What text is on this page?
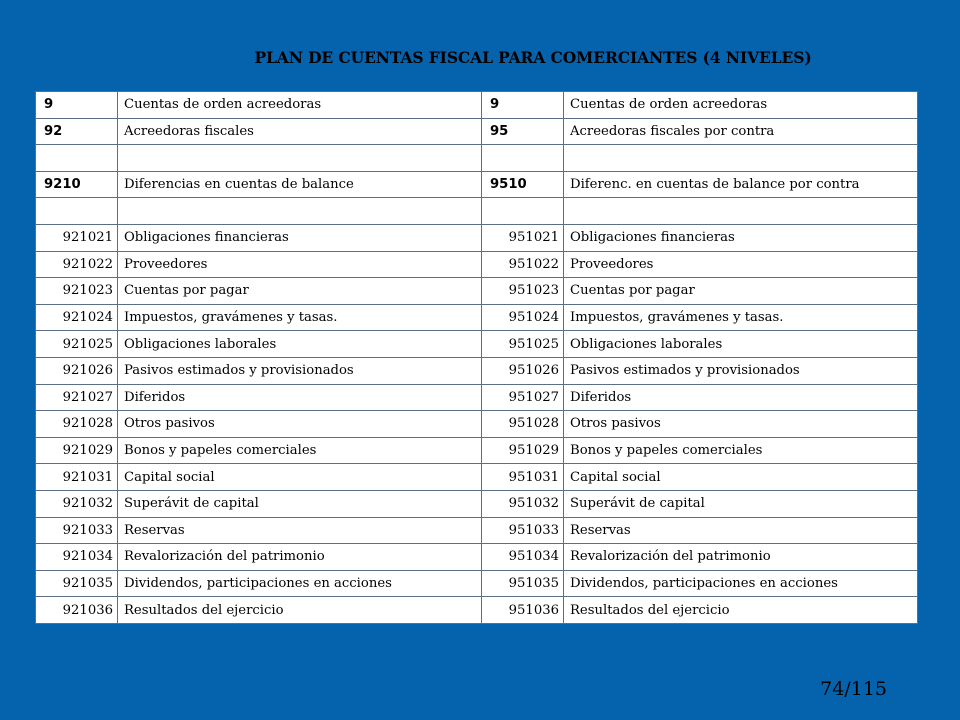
PLAN DE CUENTAS FISCAL PARA COMERCIANTES (4 NIVELES)
9	Cuentas de orden acreedoras	9	Cuentas de orden acreedoras
92	Acreedoras fiscales	95	Acreedoras fiscales por contra

9210	Diferencias en cuentas de balance	9510	Diferenc. en cuentas de balance por contra

921021	Obligaciones financieras	951021	Obligaciones financieras
921022	Proveedores	951022	Proveedores
921023	Cuentas por pagar	951023	Cuentas por pagar
921024	Impuestos, gravámenes y tasas.	951024	Impuestos, gravámenes y tasas.
921025	Obligaciones laborales	951025	Obligaciones laborales
921026	Pasivos estimados y provisionados	951026	Pasivos estimados y provisionados
921027	Diferidos	951027	Diferidos
921028	Otros pasivos	951028	Otros pasivos
921029	Bonos y papeles comerciales	951029	Bonos y papeles comerciales
921031	Capital social	951031	Capital social
921032	Superávit de capital	951032	Superávit de capital
921033	Reservas	951033	Reservas
921034	Revalorización del patrimonio	951034	Revalorización del patrimonio
921035	Dividendos, participaciones en acciones	951035	Dividendos, participaciones en acciones
921036	Resultados del ejercicio	951036	Resultados del ejercicio
74/115
